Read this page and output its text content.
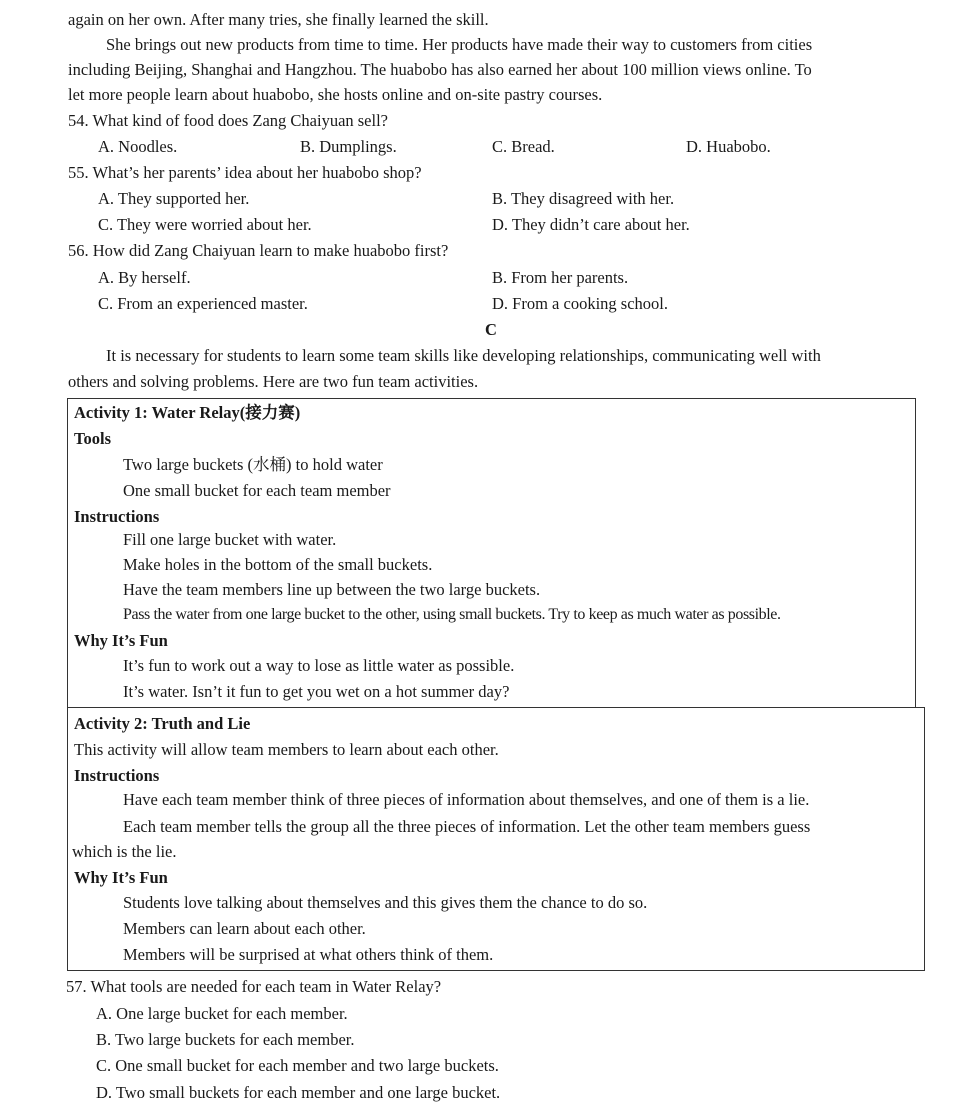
again on her own. After many tries, she finally learned the skill.
She brings out new products from time to time. Her products have made their way to customers from cities
including Beijing, Shanghai and Hangzhou. The huabobo has also earned her about 100 million views online. To
let more people learn about huabobo, she hosts online and on-site pastry courses.
54. What kind of food does Zang Chaiyuan sell?
A. Noodles.	B. Dumplings.	C. Bread.	D. Huabobo.
55. What’s her parents’ idea about her huabobo shop?
A. They supported her.	B. They disagreed with her.
C. They were worried about her.	D. They didn’t care about her.
56. How did Zang Chaiyuan learn to make huabobo first?
A. By herself.	B. From her parents.
C. From an experienced master.	D. From a cooking school.
C
It is necessary for students to learn some team skills like developing relationships, communicating well with
others and solving problems. Here are two fun team activities.
Activity 1: Water Relay(接力赛)
Tools
Two large buckets (水桶) to hold water
One small bucket for each team member
Instructions
Fill one large bucket with water.
Make holes in the bottom of the small buckets.
Have the team members line up between the two large buckets.
Pass the water from one large bucket to the other, using small buckets. Try to keep as much water as possible.
Why It’s Fun
It’s fun to work out a way to lose as little water as possible.
It’s water. Isn’t it fun to get you wet on a hot summer day?
Activity 2: Truth and Lie
This activity will allow team members to learn about each other.
Instructions
Have each team member think of three pieces of information about themselves, and one of them is a lie.
Each team member tells the group all the three pieces of information. Let the other team members guess
which is the lie.
Why It’s Fun
Students love talking about themselves and this gives them the chance to do so.
Members can learn about each other.
Members will be surprised at what others think of them.
57. What tools are needed for each team in Water Relay?
A. One large bucket for each member.
B. Two large buckets for each member.
C. One small bucket for each member and two large buckets.
D. Two small buckets for each member and one large bucket.
